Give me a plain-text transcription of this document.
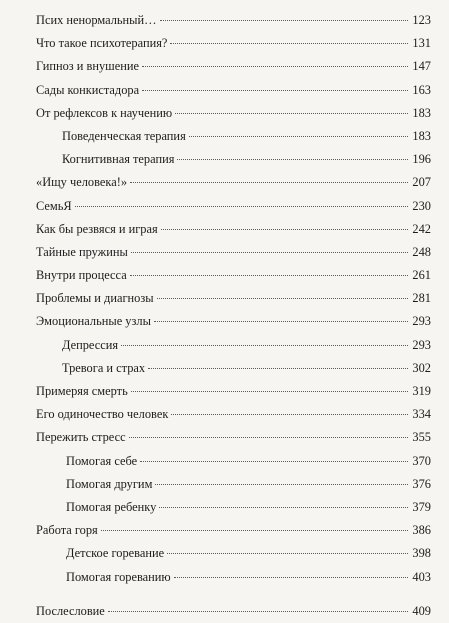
Псих ненормальный…	123
Что такое психотерапия?	131
Гипноз и внушение	147
Сады конкистадора	163
От рефлексов к научению	183
Поведенческая терапия	183
Когнитивная терапия	196
«Ищу человека!»	207
СемьЯ	230
Как бы резвяся и играя	242
Тайные пружины	248
Внутри процесса	261
Проблемы и диагнозы	281
Эмоциональные узлы	293
Депрессия	293
Тревога и страх	302
Примеряя смерть	319
Его одиночество человек	334
Пережить стресс	355
Помогая себе	370
Помогая другим	376
Помогая ребенку	379
Работа горя	386
Детское горевание	398
Помогая гореванию	403
Послесловие	409
